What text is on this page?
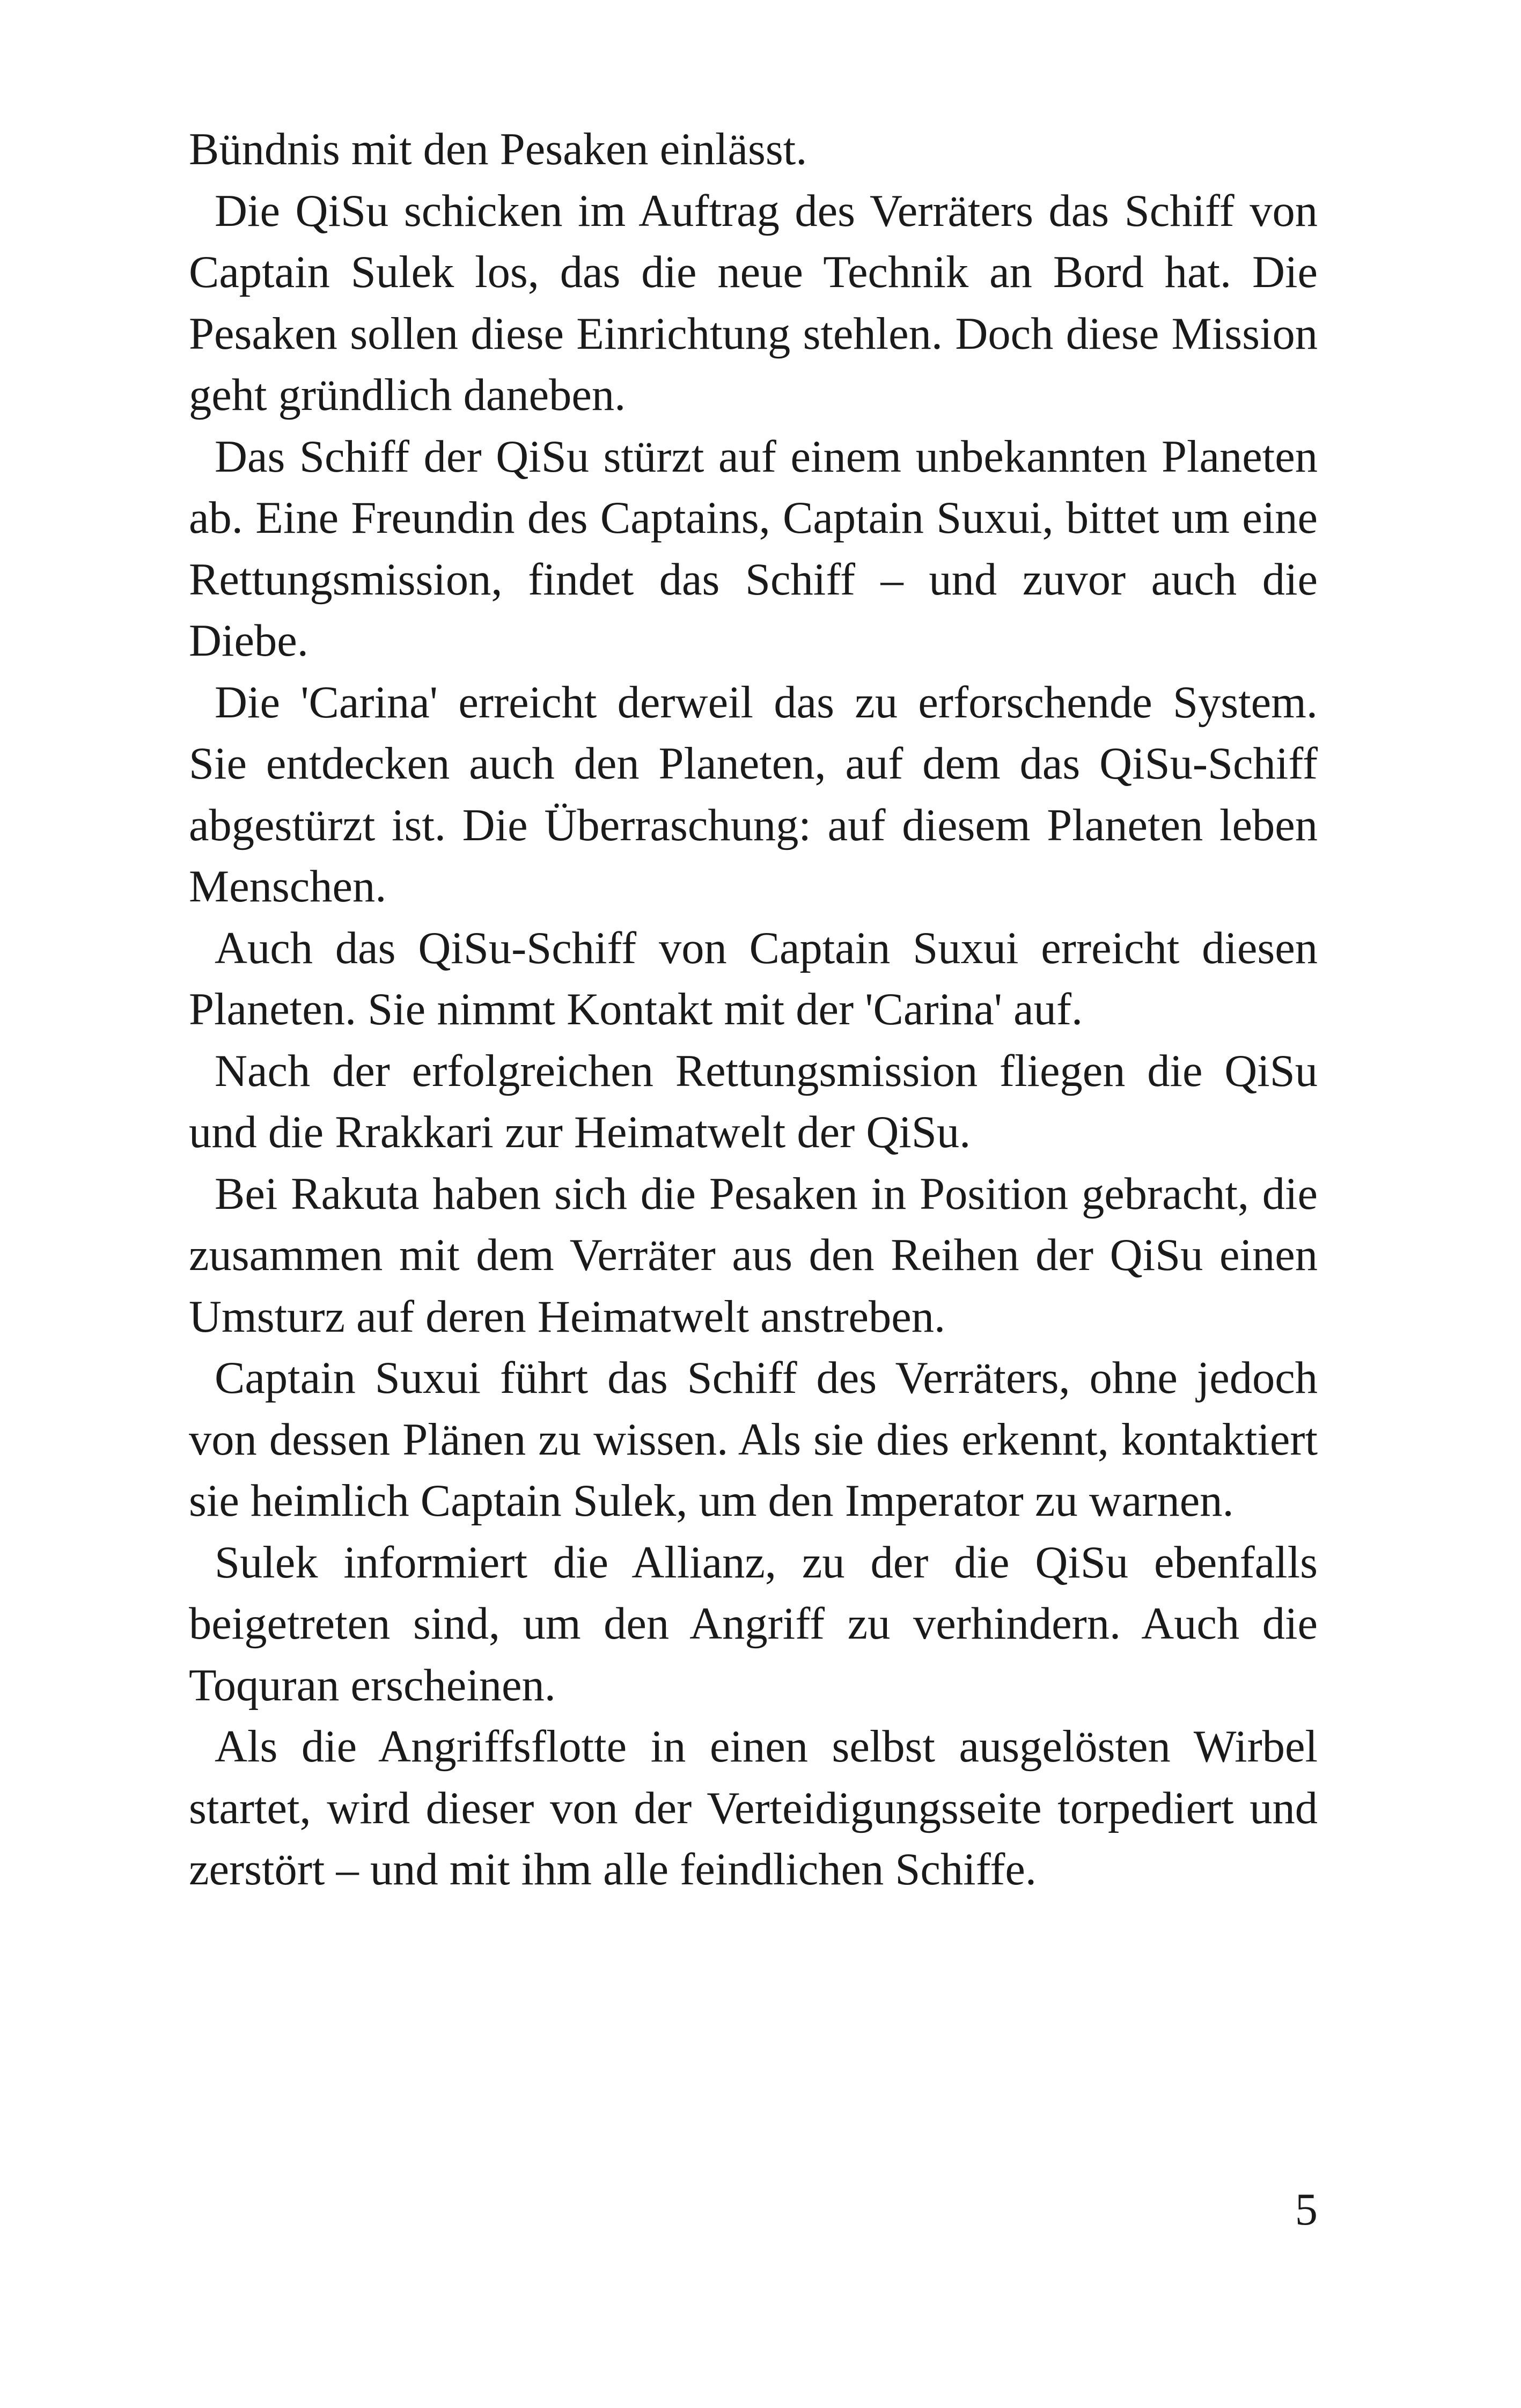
Bündnis mit den Pesaken einlässt.

Die QiSu schicken im Auftrag des Verräters das Schiff von Captain Sulek los, das die neue Technik an Bord hat. Die Pesaken sollen diese Einrichtung stehlen. Doch diese Mission geht gründlich daneben.

Das Schiff der QiSu stürzt auf einem unbekannten Planeten ab. Eine Freundin des Captains, Captain Suxui, bittet um eine Rettungsmission, findet das Schiff – und zuvor auch die Diebe.

Die 'Carina' erreicht derweil das zu erforschende System. Sie entdecken auch den Planeten, auf dem das QiSu-Schiff abgestürzt ist. Die Überraschung: auf diesem Planeten leben Menschen.

Auch das QiSu-Schiff von Captain Suxui erreicht diesen Planeten. Sie nimmt Kontakt mit der 'Carina' auf.

Nach der erfolgreichen Rettungsmission fliegen die QiSu und die Rrakkari zur Heimatwelt der QiSu.

Bei Rakuta haben sich die Pesaken in Position gebracht, die zusammen mit dem Verräter aus den Reihen der QiSu einen Umsturz auf deren Heimatwelt anstreben.

Captain Suxui führt das Schiff des Verräters, ohne jedoch von dessen Plänen zu wissen. Als sie dies erkennt, kontaktiert sie heimlich Captain Sulek, um den Imperator zu warnen.

Sulek informiert die Allianz, zu der die QiSu ebenfalls beigetreten sind, um den Angriff zu verhindern. Auch die Toquran erscheinen.

Als die Angriffsflotte in einen selbst ausgelösten Wirbel startet, wird dieser von der Verteidigungsseite torpediert und zerstört – und mit ihm alle feindlichen Schiffe.

5
